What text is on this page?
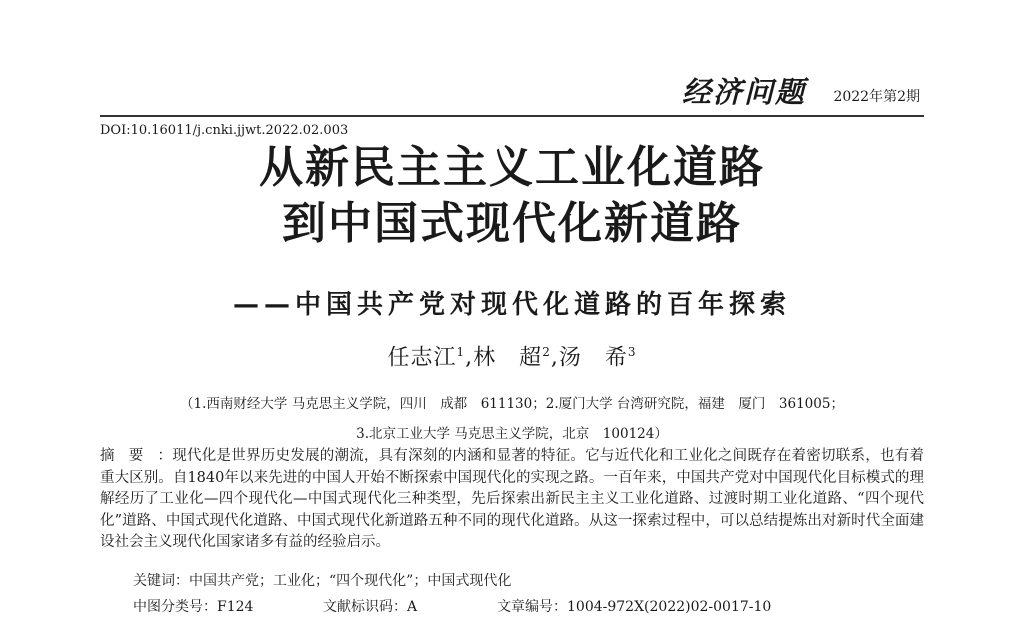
经济问题 2022年第2期
DOI:10.16011/j.cnki.jjwt.2022.02.003
从新民主主义工业化道路
到中国式现代化新道路
——中国共产党对现代化道路的百年探索
任志江$^1$,林　超$^2$,汤　希$^3$
（1.西南财经大学 马克思主义学院，四川　成都　611130；2.厦门大学 台湾研究院，福建　厦门　361005；
3.北京工业大学 马克思主义学院，北京　100124）

摘要：现代化是世界历史发展的潮流，具有深刻的内涵和显著的特征。它与近代化和工业化之间既存在着密切联系，也有着重大区别。自1840年以来先进的中国人开始不断探索中国现代化的实现之路。一百年来，中国共产党对中国现代化目标模式的理解经历了工业化—四个现代化—中国式现代化三种类型，先后探索出新民主主义工业化道路、过渡时期工业化道路、“四个现代化”道路、中国式现代化道路、中国式现代化新道路五种不同的现代化道路。从这一探索过程中，可以总结提炼出对新时代全面建设社会主义现代化国家诸多有益的经验启示。

关键词：中国共产党；工业化；“四个现代化”；中国式现代化
中图分类号：F124	文献标识码：A	文章编号：1004-972X(2022)02-0017-10
